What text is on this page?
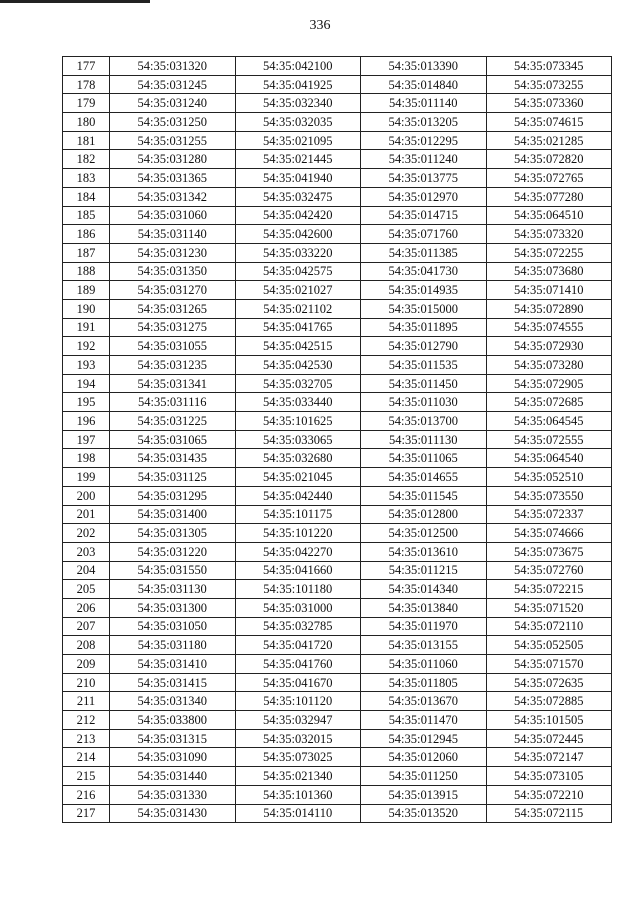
336
177	54:35:031320	54:35:042100	54:35:013390	54:35:073345
178	54:35:031245	54:35:041925	54:35:014840	54:35:073255
179	54:35:031240	54:35:032340	54:35:011140	54:35:073360
180	54:35:031250	54:35:032035	54:35:013205	54:35:074615
181	54:35:031255	54:35:021095	54:35:012295	54:35:021285
182	54:35:031280	54:35:021445	54:35:011240	54:35:072820
183	54:35:031365	54:35:041940	54:35:013775	54:35:072765
184	54:35:031342	54:35:032475	54:35:012970	54:35:077280
185	54:35:031060	54:35:042420	54:35:014715	54:35:064510
186	54:35:031140	54:35:042600	54:35:071760	54:35:073320
187	54:35:031230	54:35:033220	54:35:011385	54:35:072255
188	54:35:031350	54:35:042575	54:35:041730	54:35:073680
189	54:35:031270	54:35:021027	54:35:014935	54:35:071410
190	54:35:031265	54:35:021102	54:35:015000	54:35:072890
191	54:35:031275	54:35:041765	54:35:011895	54:35:074555
192	54:35:031055	54:35:042515	54:35:012790	54:35:072930
193	54:35:031235	54:35:042530	54:35:011535	54:35:073280
194	54:35:031341	54:35:032705	54:35:011450	54:35:072905
195	54:35:031116	54:35:033440	54:35:011030	54:35:072685
196	54:35:031225	54:35:101625	54:35:013700	54:35:064545
197	54:35:031065	54:35:033065	54:35:011130	54:35:072555
198	54:35:031435	54:35:032680	54:35:011065	54:35:064540
199	54:35:031125	54:35:021045	54:35:014655	54:35:052510
200	54:35:031295	54:35:042440	54:35:011545	54:35:073550
201	54:35:031400	54:35:101175	54:35:012800	54:35:072337
202	54:35:031305	54:35:101220	54:35:012500	54:35:074666
203	54:35:031220	54:35:042270	54:35:013610	54:35:073675
204	54:35:031550	54:35:041660	54:35:011215	54:35:072760
205	54:35:031130	54:35:101180	54:35:014340	54:35:072215
206	54:35:031300	54:35:031000	54:35:013840	54:35:071520
207	54:35:031050	54:35:032785	54:35:011970	54:35:072110
208	54:35:031180	54:35:041720	54:35:013155	54:35:052505
209	54:35:031410	54:35:041760	54:35:011060	54:35:071570
210	54:35:031415	54:35:041670	54:35:011805	54:35:072635
211	54:35:031340	54:35:101120	54:35:013670	54:35:072885
212	54:35:033800	54:35:032947	54:35:011470	54:35:101505
213	54:35:031315	54:35:032015	54:35:012945	54:35:072445
214	54:35:031090	54:35:073025	54:35:012060	54:35:072147
215	54:35:031440	54:35:021340	54:35:011250	54:35:073105
216	54:35:031330	54:35:101360	54:35:013915	54:35:072210
217	54:35:031430	54:35:014110	54:35:013520	54:35:072115
